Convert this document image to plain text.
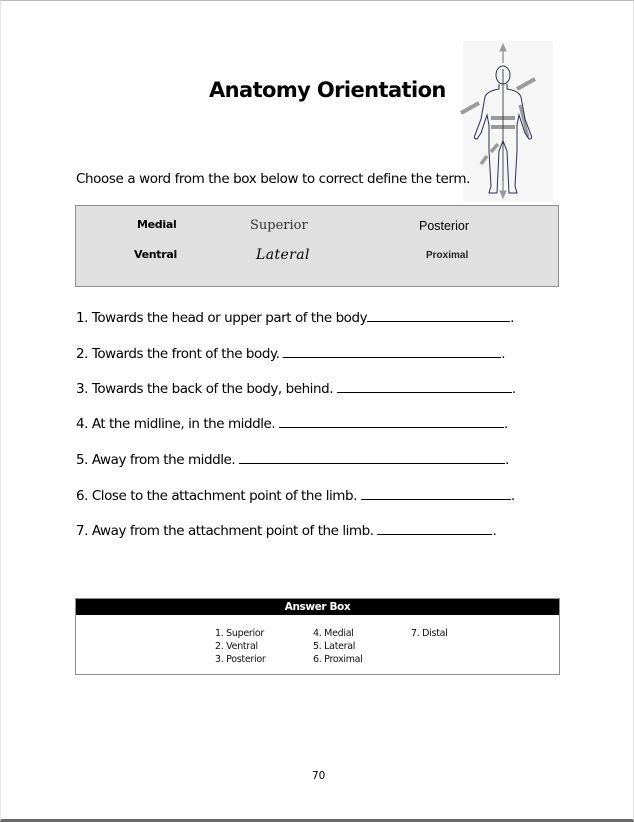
Anatomy Orientation
Choose a word from the box below to correct define the term.
Medial	Superior	Posterior
Ventral	Lateral	Proximal
1. Towards the head or upper part of the body	.
2. Towards the front of the body.	.
3. Towards the back of the body, behind.	.
4. At the midline, in the middle.	.
5. Away from the middle.	.
6. Close to the attachment point of the limb.	.
7. Away from the attachment point of the limb.	.
Answer Box
1. Superior
2. Ventral
3. Posterior
4. Medial
5. Lateral
6. Proximal
7. Distal
70
